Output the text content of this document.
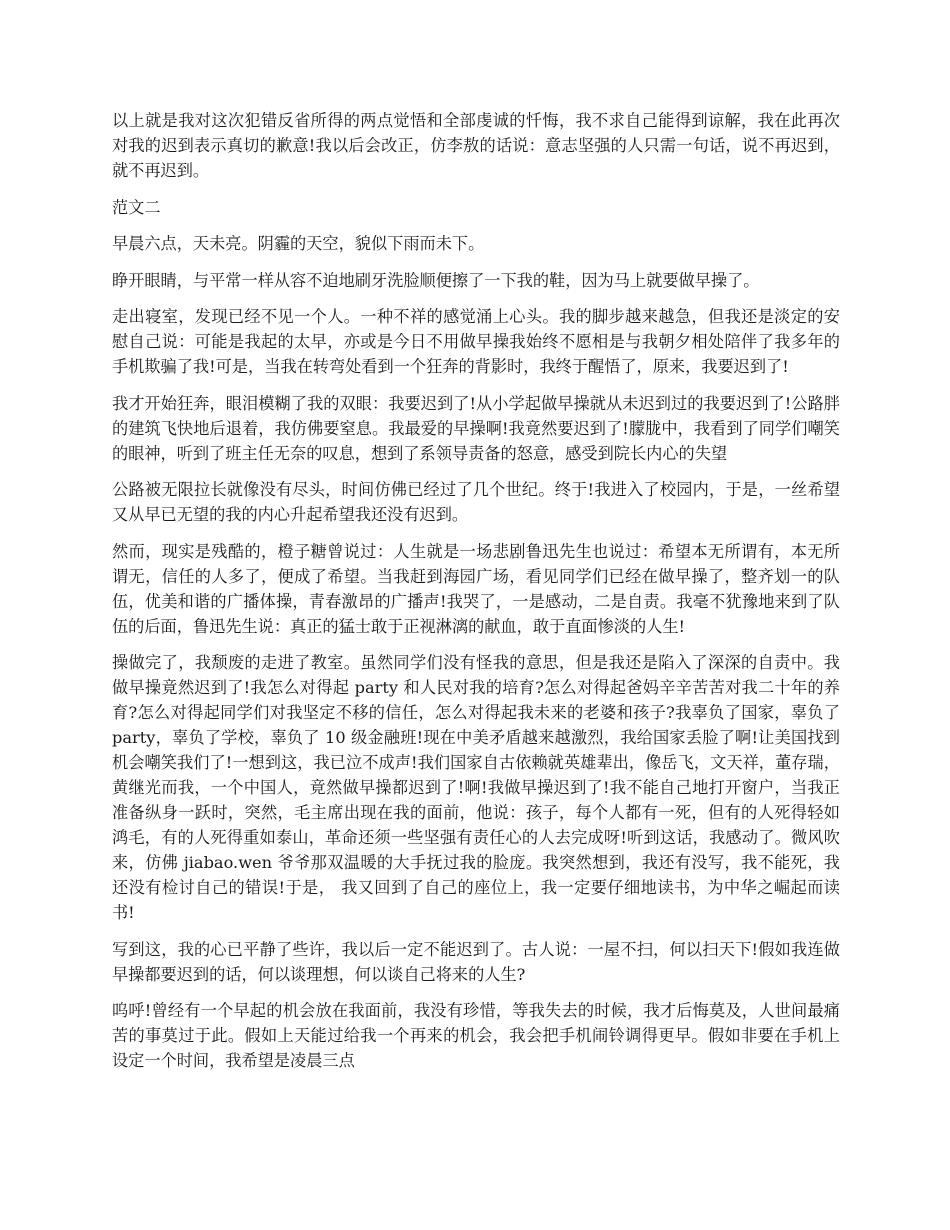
以上就是我对这次犯错反省所得的两点觉悟和全部虔诚的忏悔，我不求自己能得到谅解，我在此再次对我的迟到表示真切的歉意!我以后会改正，仿李敖的话说：意志坚强的人只需一句话，说不再迟到，就不再迟到。

范文二

早晨六点，天未亮。阴霾的天空，貌似下雨而未下。

睁开眼睛，与平常一样从容不迫地刷牙洗脸顺便擦了一下我的鞋，因为马上就要做早操了。

走出寝室，发现已经不见一个人。一种不祥的感觉涌上心头。我的脚步越来越急，但我还是淡定的安慰自己说：可能是我起的太早，亦或是今日不用做早操我始终不愿相是与我朝夕相处陪伴了我多年的手机欺骗了我!可是，当我在转弯处看到一个狂奔的背影时，我终于醒悟了，原来，我要迟到了!

我才开始狂奔，眼泪模糊了我的双眼：我要迟到了!从小学起做早操就从未迟到过的我要迟到了!公路胖的建筑飞快地后退着，我仿佛要窒息。我最爱的早操啊!我竟然要迟到了!朦胧中，我看到了同学们嘲笑的眼神，听到了班主任无奈的叹息，想到了系领导责备的怒意，感受到院长内心的失望

公路被无限拉长就像没有尽头，时间仿佛已经过了几个世纪。终于!我进入了校园内，于是，一丝希望又从早已无望的我的内心升起希望我还没有迟到。

然而，现实是残酷的，橙子糖曾说过：人生就是一场悲剧鲁迅先生也说过：希望本无所谓有，本无所谓无，信任的人多了，便成了希望。当我赶到海园广场，看见同学们已经在做早操了，整齐划一的队伍，优美和谐的广播体操，青春激昂的广播声!我哭了，一是感动，二是自责。我毫不犹豫地来到了队伍的后面，鲁迅先生说：真正的猛士敢于正视淋漓的献血，敢于直面惨淡的人生!

操做完了，我颓废的走进了教室。虽然同学们没有怪我的意思，但是我还是陷入了深深的自责中。我做早操竟然迟到了!我怎么对得起 party 和人民对我的培育?怎么对得起爸妈辛辛苦苦对我二十年的养育?怎么对得起同学们对我坚定不移的信任，怎么对得起我未来的老婆和孩子?我辜负了国家，辜负了 party，辜负了学校，辜负了 10 级金融班!现在中美矛盾越来越激烈，我给国家丢脸了啊!让美国找到机会嘲笑我们了!一想到这，我已泣不成声!我们国家自古依赖就英雄辈出，像岳飞，文天祥，董存瑞，黄继光而我，一个中国人，竟然做早操都迟到了!啊!我做早操迟到了!我不能自己地打开窗户，当我正准备纵身一跃时，突然，毛主席出现在我的面前，他说：孩子，每个人都有一死，但有的人死得轻如鸿毛，有的人死得重如泰山，革命还须一些坚强有责任心的人去完成呀!听到这话，我感动了。微风吹来，仿佛 jiabao.wen 爷爷那双温暖的大手抚过我的脸庞。我突然想到，我还有没写，我不能死，我还没有检讨自己的错误!于是， 我又回到了自己的座位上，我一定要仔细地读书，为中华之崛起而读书!

写到这，我的心已平静了些许，我以后一定不能迟到了。古人说：一屋不扫，何以扫天下!假如我连做早操都要迟到的话，何以谈理想，何以谈自己将来的人生?

呜呼!曾经有一个早起的机会放在我面前，我没有珍惜，等我失去的时候，我才后悔莫及，人世间最痛苦的事莫过于此。假如上天能过给我一个再来的机会，我会把手机闹铃调得更早。假如非要在手机上设定一个时间，我希望是凌晨三点
